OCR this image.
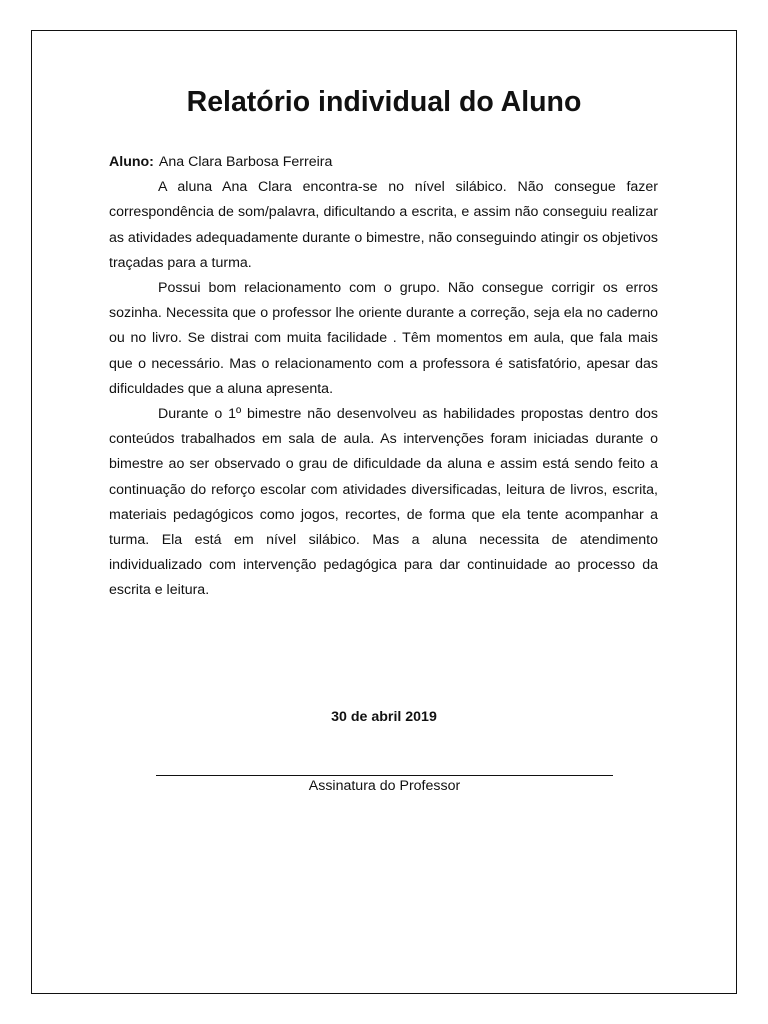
Relatório individual do Aluno

Aluno: Ana Clara Barbosa Ferreira

A aluna Ana Clara encontra-se no nível silábico. Não consegue fazer correspondência de som/palavra, dificultando a escrita, e assim não conseguiu realizar as atividades adequadamente durante o bimestre, não conseguindo atingir os objetivos traçadas para a turma.

Possui bom relacionamento com o grupo. Não consegue corrigir os erros sozinha. Necessita que o professor lhe oriente durante a correção, seja ela no caderno ou no livro. Se distrai com muita facilidade . Têm momentos em aula, que fala mais que o necessário. Mas o relacionamento com a professora é satisfatório, apesar das dificuldades que a aluna apresenta.

Durante o 1º bimestre não desenvolveu as habilidades propostas dentro dos conteúdos trabalhados em sala de aula. As intervenções foram iniciadas durante o bimestre ao ser observado o grau de dificuldade da aluna e assim está sendo feito a continuação do reforço escolar com atividades diversificadas, leitura de livros, escrita, materiais pedagógicos como jogos, recortes, de forma que ela tente acompanhar a turma. Ela está em nível silábico. Mas a aluna necessita de atendimento individualizado com intervenção pedagógica para dar continuidade ao processo da escrita e leitura.

30 de abril 2019

Assinatura do Professor
